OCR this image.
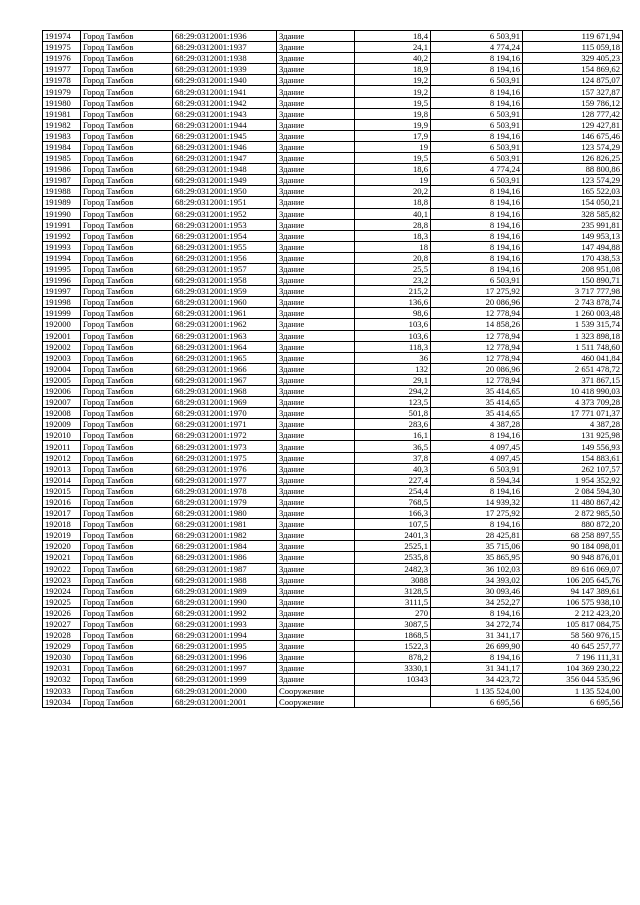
191974	Город Тамбов	68:29:0312001:1936	Здание	18,4	6 503,91	119 671,94
191975	Город Тамбов	68:29:0312001:1937	Здание	24,1	4 774,24	115 059,18
191976	Город Тамбов	68:29:0312001:1938	Здание	40,2	8 194,16	329 405,23
191977	Город Тамбов	68:29:0312001:1939	Здание	18,9	8 194,16	154 869,62
191978	Город Тамбов	68:29:0312001:1940	Здание	19,2	6 503,91	124 875,07
191979	Город Тамбов	68:29:0312001:1941	Здание	19,2	8 194,16	157 327,87
191980	Город Тамбов	68:29:0312001:1942	Здание	19,5	8 194,16	159 786,12
191981	Город Тамбов	68:29:0312001:1943	Здание	19,8	6 503,91	128 777,42
191982	Город Тамбов	68:29:0312001:1944	Здание	19,9	6 503,91	129 427,81
191983	Город Тамбов	68:29:0312001:1945	Здание	17,9	8 194,16	146 675,46
191984	Город Тамбов	68:29:0312001:1946	Здание	19	6 503,91	123 574,29
191985	Город Тамбов	68:29:0312001:1947	Здание	19,5	6 503,91	126 826,25
191986	Город Тамбов	68:29:0312001:1948	Здание	18,6	4 774,24	88 800,86
191987	Город Тамбов	68:29:0312001:1949	Здание	19	6 503,91	123 574,29
191988	Город Тамбов	68:29:0312001:1950	Здание	20,2	8 194,16	165 522,03
191989	Город Тамбов	68:29:0312001:1951	Здание	18,8	8 194,16	154 050,21
191990	Город Тамбов	68:29:0312001:1952	Здание	40,1	8 194,16	328 585,82
191991	Город Тамбов	68:29:0312001:1953	Здание	28,8	8 194,16	235 991,81
191992	Город Тамбов	68:29:0312001:1954	Здание	18,3	8 194,16	149 953,13
191993	Город Тамбов	68:29:0312001:1955	Здание	18	8 194,16	147 494,88
191994	Город Тамбов	68:29:0312001:1956	Здание	20,8	8 194,16	170 438,53
191995	Город Тамбов	68:29:0312001:1957	Здание	25,5	8 194,16	208 951,08
191996	Город Тамбов	68:29:0312001:1958	Здание	23,2	6 503,91	150 890,71
191997	Город Тамбов	68:29:0312001:1959	Здание	215,2	17 275,92	3 717 777,98
191998	Город Тамбов	68:29:0312001:1960	Здание	136,6	20 086,96	2 743 878,74
191999	Город Тамбов	68:29:0312001:1961	Здание	98,6	12 778,94	1 260 003,48
192000	Город Тамбов	68:29:0312001:1962	Здание	103,6	14 858,26	1 539 315,74
192001	Город Тамбов	68:29:0312001:1963	Здание	103,6	12 778,94	1 323 898,18
192002	Город Тамбов	68:29:0312001:1964	Здание	118,3	12 778,94	1 511 748,60
192003	Город Тамбов	68:29:0312001:1965	Здание	36	12 778,94	460 041,84
192004	Город Тамбов	68:29:0312001:1966	Здание	132	20 086,96	2 651 478,72
192005	Город Тамбов	68:29:0312001:1967	Здание	29,1	12 778,94	371 867,15
192006	Город Тамбов	68:29:0312001:1968	Здание	294,2	35 414,65	10 418 990,03
192007	Город Тамбов	68:29:0312001:1969	Здание	123,5	35 414,65	4 373 709,28
192008	Город Тамбов	68:29:0312001:1970	Здание	501,8	35 414,65	17 771 071,37
192009	Город Тамбов	68:29:0312001:1971	Здание	283,6	4 387,28	4 387,28
192010	Город Тамбов	68:29:0312001:1972	Здание	16,1	8 194,16	131 925,98
192011	Город Тамбов	68:29:0312001:1973	Здание	36,5	4 097,45	149 556,93
192012	Город Тамбов	68:29:0312001:1975	Здание	37,8	4 097,45	154 883,61
192013	Город Тамбов	68:29:0312001:1976	Здание	40,3	6 503,91	262 107,57
192014	Город Тамбов	68:29:0312001:1977	Здание	227,4	8 594,34	1 954 352,92
192015	Город Тамбов	68:29:0312001:1978	Здание	254,4	8 194,16	2 084 594,30
192016	Город Тамбов	68:29:0312001:1979	Здание	768,5	14 939,32	11 480 867,42
192017	Город Тамбов	68:29:0312001:1980	Здание	166,3	17 275,92	2 872 985,50
192018	Город Тамбов	68:29:0312001:1981	Здание	107,5	8 194,16	880 872,20
192019	Город Тамбов	68:29:0312001:1982	Здание	2401,3	28 425,81	68 258 897,55
192020	Город Тамбов	68:29:0312001:1984	Здание	2525,1	35 715,06	90 184 098,01
192021	Город Тамбов	68:29:0312001:1986	Здание	2535,8	35 865,95	90 948 876,01
192022	Город Тамбов	68:29:0312001:1987	Здание	2482,3	36 102,03	89 616 069,07
192023	Город Тамбов	68:29:0312001:1988	Здание	3088	34 393,02	106 205 645,76
192024	Город Тамбов	68:29:0312001:1989	Здание	3128,5	30 093,46	94 147 389,61
192025	Город Тамбов	68:29:0312001:1990	Здание	3111,5	34 252,27	106 575 938,10
192026	Город Тамбов	68:29:0312001:1992	Здание	270	8 194,16	2 212 423,20
192027	Город Тамбов	68:29:0312001:1993	Здание	3087,5	34 272,74	105 817 084,75
192028	Город Тамбов	68:29:0312001:1994	Здание	1868,5	31 341,17	58 560 976,15
192029	Город Тамбов	68:29:0312001:1995	Здание	1522,3	26 699,90	40 645 257,77
192030	Город Тамбов	68:29:0312001:1996	Здание	878,2	8 194,16	7 196 111,31
192031	Город Тамбов	68:29:0312001:1997	Здание	3330,1	31 341,17	104 369 230,22
192032	Город Тамбов	68:29:0312001:1999	Здание	10343	34 423,72	356 044 535,96
192033	Город Тамбов	68:29:0312001:2000	Сооружение		1 135 524,00	1 135 524,00
192034	Город Тамбов	68:29:0312001:2001	Сооружение		6 695,56	6 695,56
